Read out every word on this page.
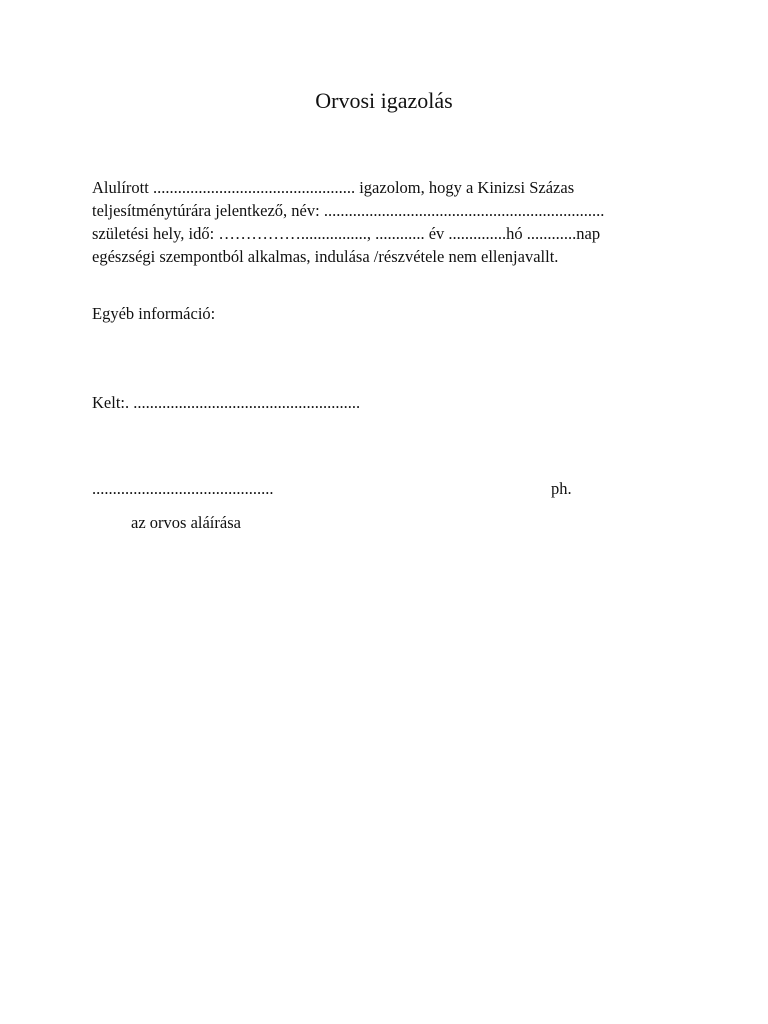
Orvosi igazolás
Alulírott ................................................. igazolom, hogy a Kinizsi Százas
teljesítménytúrára jelentkező, név: ....................................................................
születési hely, idő: ……………................, ............ év ..............hó ............nap
egészségi szempontból alkalmas, indulása /részvétele nem ellenjavallt.
Egyéb információ:
Kelt:. .......................................................
............................................	ph.
az orvos aláírása
